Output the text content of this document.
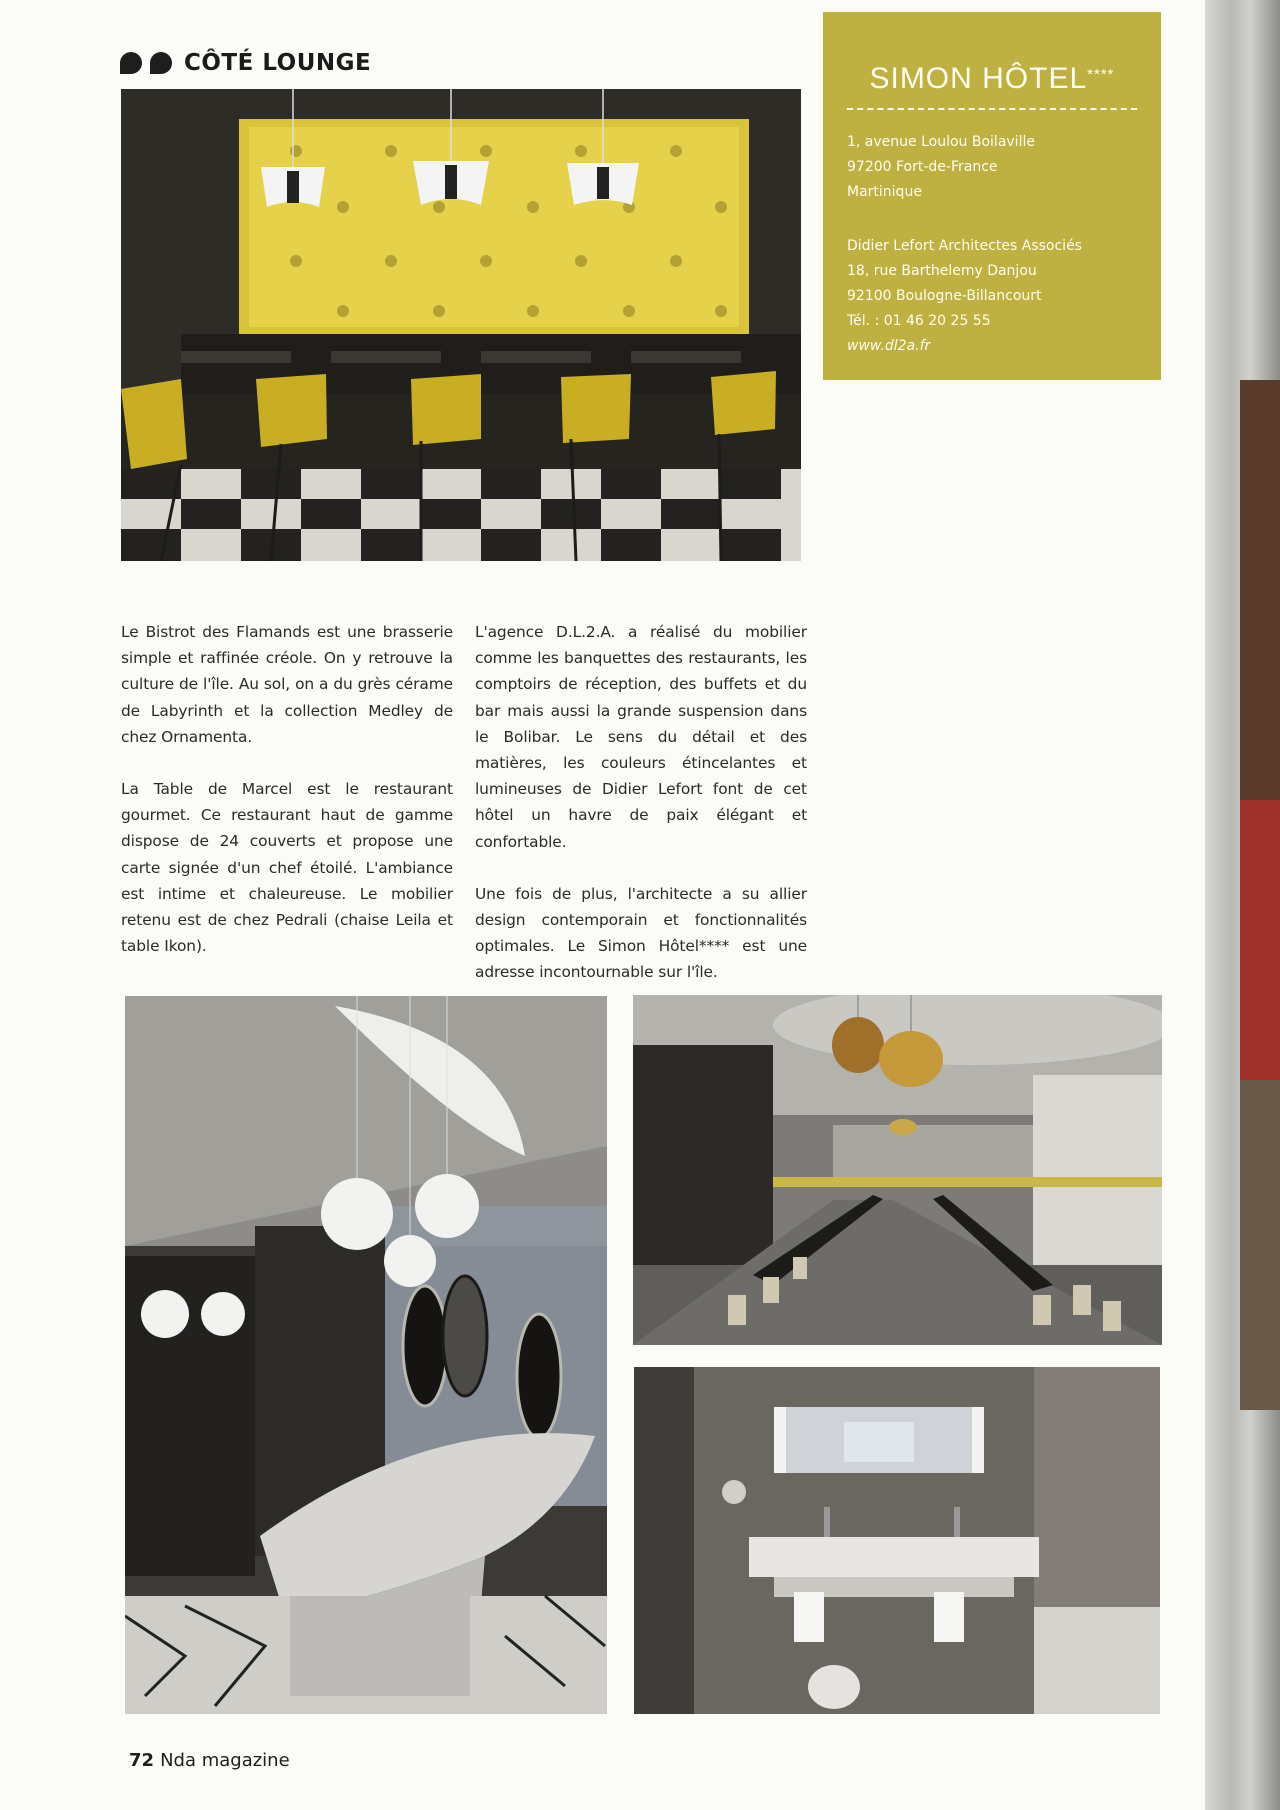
CÔTÉ LOUNGE	SIMON HÔTEL****
1, avenue Loulou Boilaville
97200 Fort-de-France
Martinique
Didier Lefort Architectes Associés
18, rue Barthelemy Danjou
92100 Boulogne-Billancourt
Tél. : 01 46 20 25 55
www.dl2a.fr

Le Bistrot des Flamands est une brasserie simple et raffinée créole. On y retrouve la culture de l'île. Au sol, on a du grès cérame de Labyrinth et la collection Medley de chez Ornamenta.

La Table de Marcel est le restaurant gourmet. Ce restaurant haut de gamme dispose de 24 couverts et propose une carte signée d'un chef étoilé. L'ambiance est intime et chaleureuse. Le mobilier retenu est de chez Pedrali (chaise Leila et table Ikon).

L'agence D.L.2.A. a réalisé du mobilier comme les banquettes des restaurants, les comptoirs de réception, des buffets et du bar mais aussi la grande suspension dans le Bolibar. Le sens du détail et des matières, les couleurs étincelantes et lumineuses de Didier Lefort font de cet hôtel un havre de paix élégant et confortable.

Une fois de plus, l'architecte a su allier design contemporain et fonctionnalités optimales. Le Simon Hôtel**** est une adresse incontournable sur l'île.

72 Nda magazine
